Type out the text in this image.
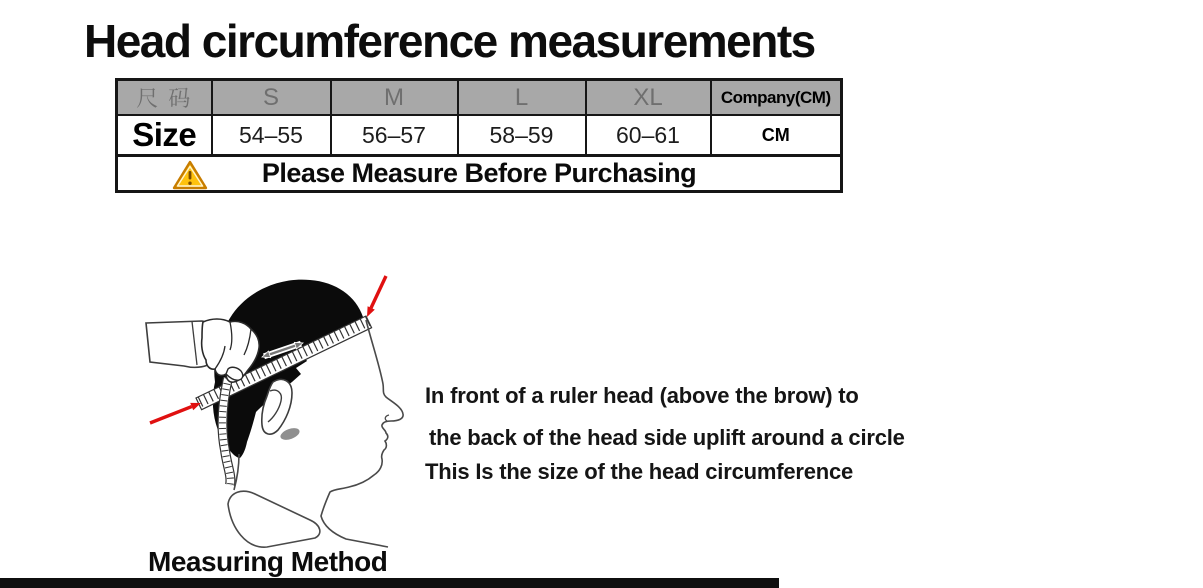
Head circumference measurements
尺 码	S	M	L	XL	Company(CM)
Size	54–55	56–57	58–59	60–61	CM

Please Measure Before Purchasing					
Measuring Method
In front of a ruler head (above the brow) to
the back of the head side uplift around a circle
This Is the size of the head circumference
